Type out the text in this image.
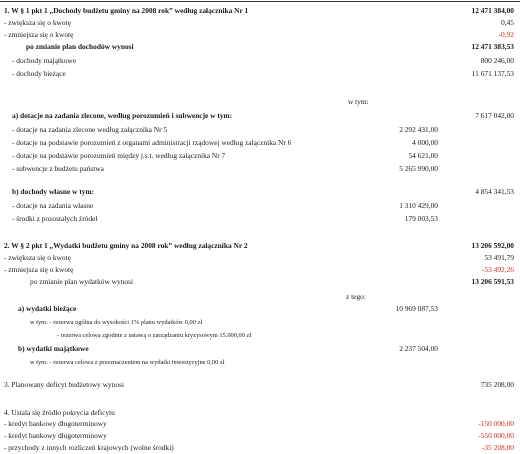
1. W § 1 pkt 1 „Dochody budżetu gminy na 2008 rok” według załącznika Nr 1	12 471 384,00
- zwiększa się o kwotę	0,45
- zmniejsza się o kwotę	-0,92
po zmianie plan dochodów wynosi	12 471 383,53
- dochody majątkowe	800 246,00
- dochody bieżące	11 671 137,53
w tym:
a) dotacje na zadania zlecone, według porozumień i subwencje w tym:	7 617 042,00
- dotacje na zadania zlecone według załącznika Nr 5	2 292 431,00
- dotacje na podstawie porozumień z organami administracji rządowej według załącznika Nr 6	4 000,00
- dotacje na podstawie porozumień między j.s.t. według załącznika Nr 7	54 621,00
- subwencje z budżetu państwa	5 265 990,00
b) dochody własne w tym:	4 854 341,53
- dotacje na zadania własne	1 310 429,00
- środki z pozostałych źródeł	179 003,53
2. W § 2 pkt 1 „Wydatki budżetu gminy na 2008 rok” według załącznika Nr 2	13 206 592,00
- zwiększa się o kwotę	53 491,79
- zmniejsza się o kwotę	-53 492,26
po zmianie plan wydatków wynosi	13 206 591,53
z tego:
a) wydatki bieżące	10 969 087,53
w tym: - rezerwa ogólna do wysokości 1% planu wydatków 0,00 zł
- rezerwa celowa zgodnie z ustawą o zarządzaniu kryzysowym 15.000,00 zł
b) wydatki majątkowe	2 237 504,00
w tym: - rezerwa celowa z przeznaczeniem na wydatki inwestycyjne 0,00 zł
3. Planowany deficyt budżetowy wynosi	735 208,00
4. Ustala się źródło pokrycia deficytu
- kredyt bankowy długoterminowy	-150 000,00
- kredyt bankowy długoterminowy	-550 000,00
- przychody z innych rozliczeń krajowych (wolne środki)	-35 208,00
